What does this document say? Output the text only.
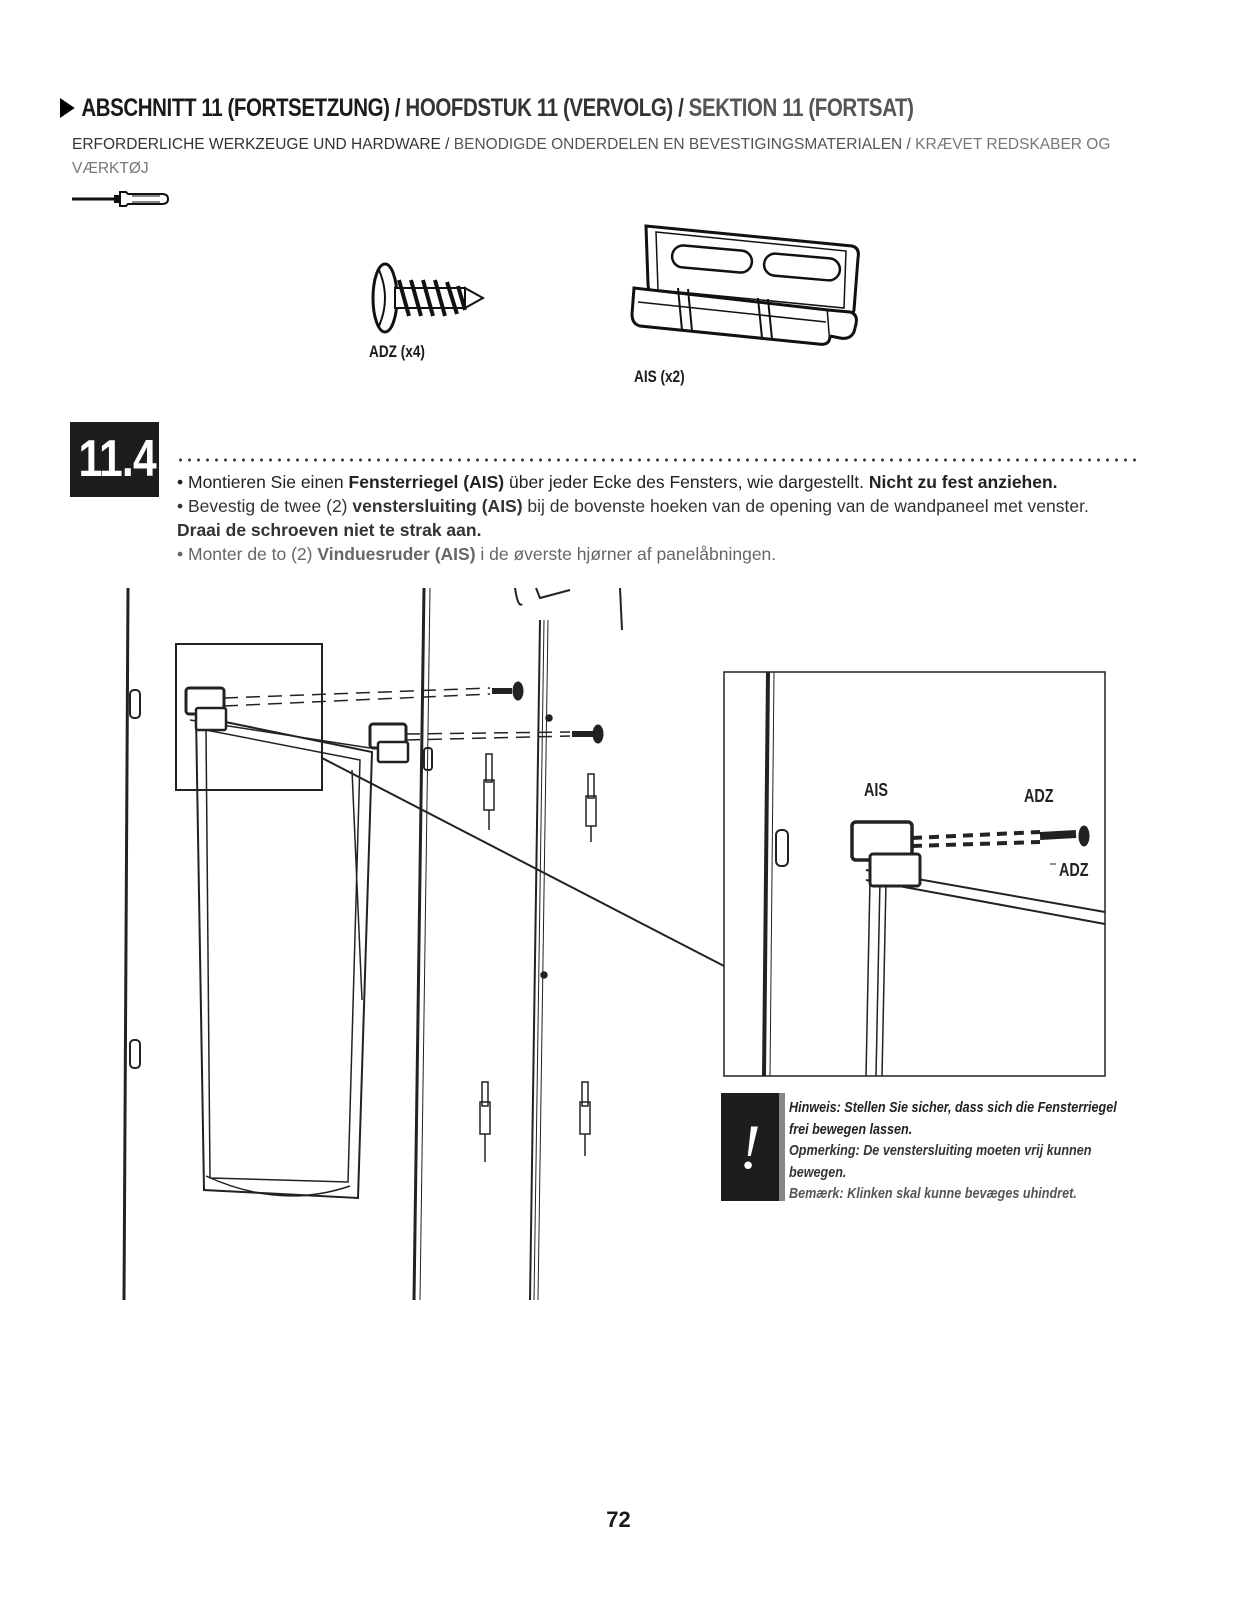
ABSCHNITT 11 (FORTSETZUNG) / HOOFDSTUK 11 (VERVOLG) / SEKTION 11 (FORTSAT)
ERFORDERLICHE WERKZEUGE UND HARDWARE / BENODIGDE ONDERDELEN EN BEVESTIGINGSMATERIALEN / KRÆVET REDSKABER OG VÆRKTØJ
ADZ (x4)
AIS (x2)
11.4 • Montieren Sie einen Fensterriegel (AIS) über jeder Ecke des Fensters, wie dargestellt. Nicht zu fest anziehen.

• Bevestig de twee (2) venstersluiting (AIS) bij de bovenste hoeken van de opening van de wandpaneel met venster.

Draai de schroeven niet te strak aan.

• Monter de to (2) Vinduesruder (AIS) i de øverste hjørner af panelåbningen.

AIS	ADZ
ADZ
!

Hinweis: Stellen Sie sicher, dass sich die Fensterriegel

frei bewegen lassen.

Opmerking: De venstersluiting moeten vrij kunnen

bewegen.

Bemærk: Klinken skal kunne bevæges uhindret.

72
